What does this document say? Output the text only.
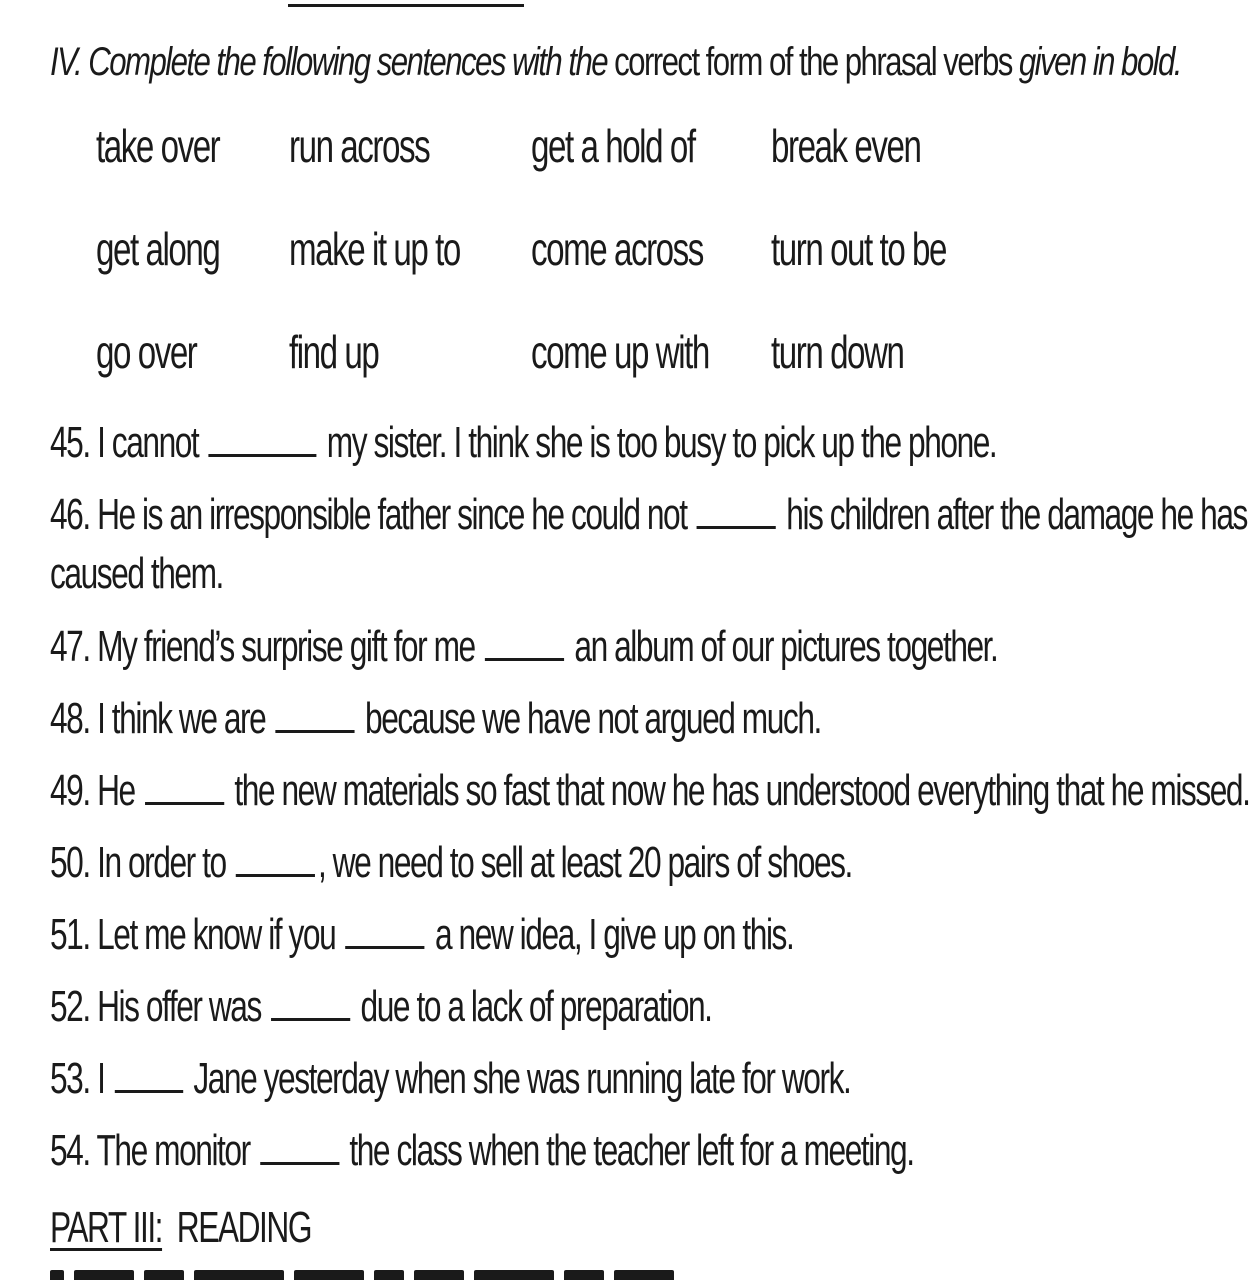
IV. Complete the following sentences with the correct form of the phrasal verbs given in bold.
take over run across get a hold of break even
get along make it up to come across turn out to be
go over find up	come up with turn down
45. I cannot	my sister. I think she is too busy to pick up the phone.
46. He is an irresponsible father since he could not  his children after the damage he has
caused them.
47. My friend’s surprise gift for me  an album of our pictures together.
48. I think we are  because we have not argued much.
49. He  the new materials so fast that now he has understood everything that he missed.
50. In order to , we need to sell at least 20 pairs of shoes.
51. Let me know if you  a new idea, I give up on this.
52. His offer was  due to a lack of preparation.
53. I  Jane yesterday when she was running late for work.
54. The monitor  the class when the teacher left for a meeting.
PART III: READING
